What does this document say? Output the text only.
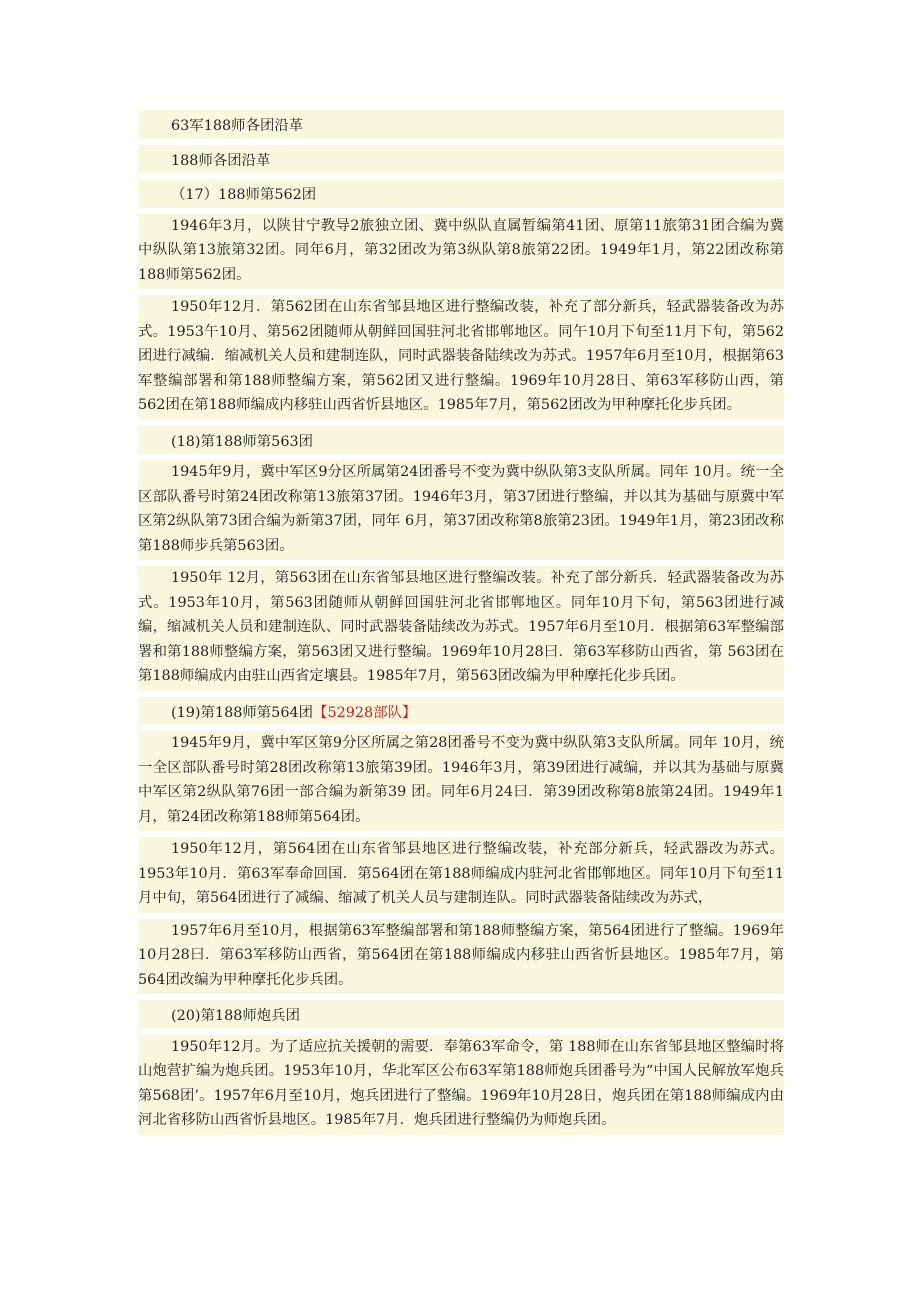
63军188师各团沿革
188师各团沿革
（17）188师第562团
1946年3月，以陕甘宁教导2旅独立团、冀中纵队直属暂编第41团、原第11旅第31团合编为冀中纵队第13旅第32团。同年6月，第32团改为第3纵队第8旅第22团。1949年1月，第22团改称第188师第562团。
1950年12月．第562团在山东省邹县地区进行整编改装，补充了部分新兵，轻武器装备改为苏式。1953午10月、第562团随师从朝鲜回国驻河北省邯郸地区。同午10月下旬至11月下旬，第562团进行减编．缩减机关人员和建制连队，同时武器装备陆续改为苏式。1957年6月至10月，根据第63军整编部署和第188师整编方案，第562团又进行整编。1969年10月28日、第63军移防山西，第562团在第188师编成内移驻山西省忻县地区。1985年7月，第562团改为甲种摩托化步兵团。
(18)第188师第563团
1945年9月，冀中军区9分区所属第24团番号不变为冀中纵队第3支队所属。同年 10月。统一全区部队番号时第24团改称第13旅第37团。1946年3月，第37团进行整编，并以其为基础与原冀中军区第2纵队第73团合编为新第37团，同年 6月，第37团改称第8旅第23团。1949年1月，第23团改称第188师步兵第563团。
1950年 12月，第563团在山东省邹县地区进行整编改装。补充了部分新兵．轻武器装备改为苏式。1953年10月，第563团随师从朝鲜回国驻河北省邯郸地区。同年10月下旬，第563团进行减编，缩减机关人员和建制连队、同时武器装备陆续改为苏式。1957年6月至10月．根据第63军整编部署和第188师整编方案，第563团又进行整编。1969年10月28曰．第63军移防山西省，第 563团在第188师编成内由驻山西省定壤县。1985年7月，第563团改编为甲种摩托化步兵团。
(19)第188师第564团【52928部队】
1945年9月，冀中军区第9分区所属之第28团番号不变为冀中纵队第3支队所属。同年 10月，统一全区部队番号时第28团改称第13旅第39团。1946年3月，第39团进行减编，并以其为基础与原冀中军区第2纵队第76团一部合编为新第39 团。同年6月24曰．第39团改称第8旅第24团。1949年1月，第24团改称第188师第564团。
1950年12月，第564团在山东省邹县地区进行整编改装，补充部分新兵，轻武器改为苏式。1953年10月．第63军奉命回国．第564团在第188师编成内驻河北省邯郸地区。同年10月下旬至11月中旬，第564团进行了减编、缩减了机关人员与建制连队。同时武器装备陆续改为苏式，
1957年6月至10月，根据第63军整编部署和第188师整编方案，第564团进行了整编。1969年10月28曰．第63军移防山西省，第564团在第188师编成内移驻山西省忻县地区。1985年7月，第564团改编为甲种摩托化步兵团。
(20)第188师炮兵团
1950年12月。为了适应抗关援朝的需要．奉第63军命令，第 188师在山东省邹县地区整编时将山炮营扩编为炮兵团。1953年10月，华北军区公布63军第188师炮兵团番号为“中国人民解放军炮兵第568团’。1957年6月至10月，炮兵团进行了整编。1969年10月28日，炮兵团在第188师编成内由河北省移防山西省忻县地区。1985年7月．炮兵团进行整编仍为师炮兵团。
